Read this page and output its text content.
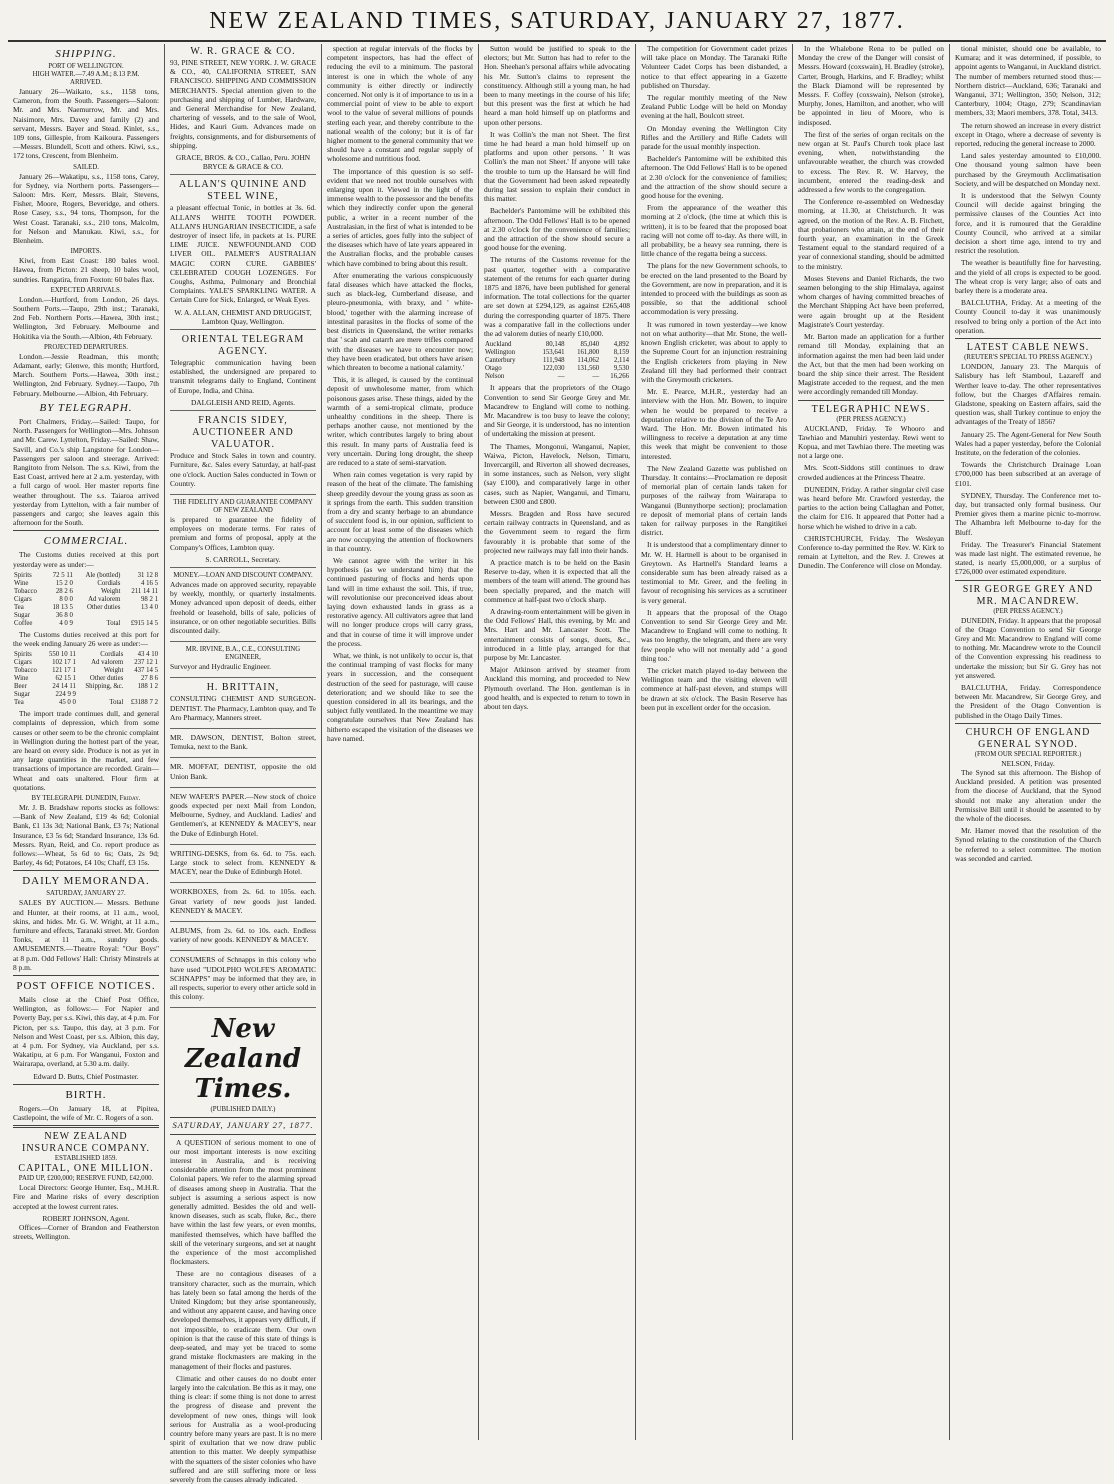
NEW ZEALAND TIMES, SATURDAY, JANUARY 27, 1877.
SHIPPING.
PORT OF WELLINGTON.
HIGH WATER.—7.49 A.M.; 8.13 P.M.
ARRIVED.

January 26—Waikato, s.s., 1158 tons, Cameron, from the South. Passengers—Saloon: Mr. and Mrs. Naemurrow, Mr. and Mrs. Naisimore, Mrs. Davey and family (2) and servant, Messrs. Bayer and Stead. Kinlet, s.s., 109 tons, Gillespie, from Kaikoura. Passengers—Messrs. Blundell, Scott and others. Kiwi, s.s., 172 tons, Crescent, from Blenheim.

SAILED.

January 26—Wakatipu, s.s., 1158 tons, Carey, for Sydney, via Northern ports. Passengers—Saloon: Mrs. Kerr, Messrs. Blair, Stevens, Fisher, Moore, Rogers, Beveridge, and others. Rose Casey, s.s., 94 tons, Thompson, for the West Coast. Taranaki, s.s., 210 tons, Malcolm, for Nelson and Manukau. Kiwi, s.s., for Blenheim.

IMPORTS.

Kiwi, from East Coast: 180 bales wool. Hawea, from Picton: 21 sheep, 10 bales wool, sundries. Rangatira, from Foxton: 60 bales flax.

EXPECTED ARRIVALS.

London.—Hurtford, from London, 26 days. Southern Ports.—Taupo, 29th inst.; Taranaki, 2nd Feb. Northern Ports.—Hawea, 30th inst.; Wellington, 3rd February. Melbourne and Hokitika via the South.—Albion, 4th February.

PROJECTED DEPARTURES.

London.—Jessie Readman, this month; Adamant, early; Glenwe, this month; Hurtford, March. Southern Ports.—Hawea, 30th inst.; Wellington, 2nd February. Sydney.—Taupo, 7th February. Melbourne.—Albion, 4th February.

BY TELEGRAPH.

Port Chalmers, Friday.—Sailed: Taupo, for North. Passengers for Wellington—Mrs. Johnson and Mr. Carew. Lyttelton, Friday.—Sailed: Shaw, Savill, and Co.'s ship Langstone for London—Passengers per saloon and steerage. Arrived: Rangitoto from Nelson. The s.s. Kiwi, from the East Coast, arrived here at 2 a.m. yesterday, with a full cargo of wool. Her master reports fine weather throughout. The s.s. Taiaroa arrived yesterday from Lyttelton, with a fair number of passengers and cargo; she leaves again this afternoon for the South.

COMMERCIAL.

The Customs duties received at this port yesterday were as under:—

Spirits	72 5 11	Ale (bottled)	31 12 8
Wine	15 2 0	Cordials	4 16 5
Tobacco	28 2 6	Weight	211 14 11
Cigars	8 0 0	Ad valorem	98 2 1
Tea	18 13 5	Other duties	13 4 0
Sugar	36 8 0		
Coffee	4 0 9	Total	£915 14 5

The Customs duties received at this port for the week ending January 26 were as under:—

Spirits	550 10 11	Cordials	43 4 10
Cigars	102 17 1	Ad valorem	237 12 1
Tobacco	121 17 1	Weight	437 14 5
Wine	62 15 1	Other duties	27 8 6
Beer	24 14 11	Shipping, &c.	188 1 2
Sugar	224 9 9		
Tea	45 0 0	Total	£3188 7 2

The import trade continues dull, and general complaints of depression, which from some causes or other seem to be the chronic complaint in Wellington during the hottest part of the year, are heard on every side. Produce is not as yet in any large quantities in the market, and few transactions of importance are recorded. Grain—Wheat and oats unaltered. Flour firm at quotations.

BY TELEGRAPH. DUNEDIN, Friday.

Mr. J. B. Bradshaw reports stocks as follows:—Bank of New Zealand, £19 4s 6d; Colonial Bank, £1 13s 3d; National Bank, £3 7s; National Insurance, £3 5s 6d; Standard Insurance, 13s 6d. Messrs. Ryan, Reid, and Co. report produce as follows:—Wheat, 5s 6d to 6s; Oats, 2s 9d; Barley, 4s 6d; Potatoes, £4 10s; Chaff, £3 15s.

DAILY MEMORANDA.
SATURDAY, JANUARY 27.

SALES BY AUCTION.— Messrs. Bethune and Hunter, at their rooms, at 11 a.m., wool, skins, and hides. Mr. G. W. Wright, at 11 a.m., furniture and effects, Taranaki street. Mr. Gordon Tonks, at 11 a.m., sundry goods. AMUSEMENTS.—Theatre Royal: "Our Boys" at 8 p.m. Odd Fellows' Hall: Christy Minstrels at 8 p.m.

POST OFFICE NOTICES.

Mails close at the Chief Post Office, Wellington, as follows:— For Napier and Poverty Bay, per s.s. Kiwi, this day, at 4 p.m. For Picton, per s.s. Taupo, this day, at 3 p.m. For Nelson and West Coast, per s.s. Albion, this day, at 4 p.m. For Sydney, via Auckland, per s.s. Wakatipu, at 6 p.m. For Wanganui, Foxton and Wairarapa, overland, at 5.30 a.m. daily.

Edward D. Butts, Chief Postmaster.
BIRTH.

Rogers.—On January 18, at Pipitea, Castlepoint, the wife of Mr. C. Rogers of a son.

NEW ZEALAND INSURANCE COMPANY.
ESTABLISHED 1859.
CAPITAL, ONE MILLION.
PAID UP, £200,000; RESERVE FUND, £42,000.

Local Directors: George Hunter, Esq., M.H.R. Fire and Marine risks of every description accepted at the lowest current rates.

ROBERT JOHNSON, Agent.

Offices—Corner of Brandon and Featherston streets, Wellington.

W. R. GRACE & CO.

93, PINE STREET, NEW YORK. J. W. GRACE & CO., 40, CALIFORNIA STREET, SAN FRANCISCO. SHIPPING AND COMMISSION MERCHANTS. Special attention given to the purchasing and shipping of Lumber, Hardware, and General Merchandise for New Zealand, chartering of vessels, and to the sale of Wool, Hides, and Kauri Gum. Advances made on freights, consignments, and for disbursements of shipping.

GRACE, BROS. & CO., Callao, Peru. JOHN BRYCE & GRACE & CO.
ALLAN'S QUININE AND STEEL WINE,

a pleasant effectual Tonic, in bottles at 3s. 6d. ALLAN'S WHITE TOOTH POWDER. ALLAN'S HUNGARIAN INSECTICIDE, a safe destroyer of insect life, in packets at 1s. PURE LIME JUICE. NEWFOUNDLAND COD LIVER OIL. PALMER'S AUSTRALIAN MAGIC CORN CURE. GABBIES' CELEBRATED COUGH LOZENGES. For Coughs, Asthma, Pulmonary and Bronchial Complaints. YALE'S SPARKLING WATER. A Certain Cure for Sick, Enlarged, or Weak Eyes.

W. A. ALLAN, CHEMIST AND DRUGGIST, Lambton Quay, Wellington.
ORIENTAL TELEGRAM AGENCY.

Telegraphic communication having been established, the undersigned are prepared to transmit telegrams daily to England, Continent of Europe, India, and China.

DALGLEISH AND REID, Agents.
FRANCIS SIDEY, AUCTIONEER AND VALUATOR.

Produce and Stock Sales in town and country. Furniture, &c. Sales every Saturday, at half-past one o'clock. Auction Sales conducted in Town or Country.

THE FIDELITY AND GUARANTEE COMPANY OF NEW ZEALAND

is prepared to guarantee the fidelity of employees on moderate terms. For rates of premium and forms of proposal, apply at the Company's Offices, Lambton quay.

S. CARROLL, Secretary.
MONEY.—LOAN AND DISCOUNT COMPANY.

Advances made on approved security, repayable by weekly, monthly, or quarterly instalments. Money advanced upon deposit of deeds, either freehold or leasehold, bills of sale, policies of insurance, or on other negotiable securities. Bills discounted daily.

MR. IRVINE, B.A., C.E., CONSULTING ENGINEER,

Surveyor and Hydraulic Engineer.

H. BRITTAIN,

CONSULTING CHEMIST AND SURGEON-DENTIST. The Pharmacy, Lambton quay, and Te Aro Pharmacy, Manners street.

MR. DAWSON, DENTIST, Bolton street, Temuka, next to the Bank.

MR. MOFFAT, DENTIST, opposite the old Union Bank.

NEW WAFER'S PAPER.—New stock of choice goods expected per next Mail from London, Melbourne, Sydney, and Auckland. Ladies' and Gentlemen's, at KENNEDY & MACEY'S, near the Duke of Edinburgh Hotel.

WRITING-DESKS, from 6s. 6d. to 75s. each. Large stock to select from. KENNEDY & MACEY, near the Duke of Edinburgh Hotel.

WORKBOXES, from 2s. 6d. to 105s. each. Great variety of new goods just landed. KENNEDY & MACEY.

ALBUMS, from 2s. 6d. to 10s. each. Endless variety of new goods. KENNEDY & MACEY.

CONSUMERS of Schnapps in this colony who have used "UDOLPHO WOLFE'S AROMATIC SCHNAPPS" may be informed that they are, in all respects, superior to every other article sold in this colony.

New Zealand Times.
(PUBLISHED DAILY.)
SATURDAY, JANUARY 27, 1877.

A QUESTION of serious moment to one of our most important interests is now exciting interest in Australia, and is receiving considerable attention from the most prominent Colonial papers. We refer to the alarming spread of diseases among sheep in Australia. That the subject is assuming a serious aspect is now generally admitted. Besides the old and well-known diseases, such as scab, fluke, &c., there have within the last few years, or even months, manifested themselves, which have baffled the skill of the veterinary surgeons, and set at naught the experience of the most accomplished flockmasters.

These are no contagious diseases of a transitory character, such as the murrain, which has lately been so fatal among the herds of the United Kingdom; but they arise spontaneously, and without any apparent cause, and having once developed themselves, it appears very difficult, if not impossible, to eradicate them. Our own opinion is that the cause of this state of things is deep-seated, and may yet be traced to some grand mistake flockmasters are making in the management of their flocks and pastures.

Climatic and other causes do no doubt enter largely into the calculation. Be this as it may, one thing is clear: if some thing is not done to arrest the progress of disease and prevent the development of new ones, things will look serious for Australia as a wool-producing country before many years are past. It is no mere spirit of exultation that we now draw public attention to this matter. We deeply sympathise with the squatters of the sister colonies who have suffered and are still suffering more or less severely from the causes already indicated.

spection at regular intervals of the flocks by competent inspectors, has had the effect of reducing the evil to a minimum. The pastoral interest is one in which the whole of any community is either directly or indirectly concerned. Not only is it of importance to us in a commercial point of view to be able to export wool to the value of several millions of pounds sterling each year, and thereby contribute to the national wealth of the colony; but it is of far higher moment to the general community that we should have a constant and regular supply of wholesome and nutritious food.

The importance of this question is so self-evident that we need not trouble ourselves with enlarging upon it. Viewed in the light of the immense wealth to the possessor and the benefits which they indirectly confer upon the general public, a writer in a recent number of the Australasian, in the first of what is intended to be a series of articles, goes fully into the subject of the diseases which have of late years appeared in the Australian flocks, and the probable causes which have combined to bring about this result.

After enumerating the various conspicuously fatal diseases which have attacked the flocks, such as black-leg, Cumberland disease, and pleuro-pneumonia, with braxy, and ' white-blood,' together with the alarming increase of intestinal parasites in the flocks of some of the best districts in Queensland, the writer remarks that ' scab and catarrh are mere trifles compared with the diseases we have to encounter now; they have been eradicated, but others have arisen which threaten to become a national calamity.'

This, it is alleged, is caused by the continual deposit of unwholesome matter, from which poisonous gases arise. These things, aided by the warmth of a semi-tropical climate, produce unhealthy conditions in the sheep. There is perhaps another cause, not mentioned by the writer, which contributes largely to bring about this result. In many parts of Australia feed is very uncertain. During long drought, the sheep are reduced to a state of semi-starvation.

When rain comes vegetation is very rapid by reason of the heat of the climate. The famishing sheep greedily devour the young grass as soon as it springs from the earth. This sudden transition from a dry and scanty herbage to an abundance of succulent food is, in our opinion, sufficient to account for at least some of the diseases which are now occupying the attention of flockowners in that country.

We cannot agree with the writer in his hypothesis (as we understand him) that the continued pasturing of flocks and herds upon land will in time exhaust the soil. This, if true, will revolutionise our preconceived ideas about laying down exhausted lands in grass as a restorative agency. All cultivators agree that land will no longer produce crops will carry grass, and that in course of time it will improve under the process.

What, we think, is not unlikely to occur is, that the continual tramping of vast flocks for many years in succession, and the consequent destruction of the seed for pasturage, will cause deterioration; and we should like to see the question considered in all its bearings, and the subject fully ventilated. In the meantime we may congratulate ourselves that New Zealand has hitherto escaped the visitation of the diseases we have named.

Sutton would be justified to speak to the electors; but Mr. Sutton has had to refer to the Hon. Sheehan's personal affairs while advocating his Mr. Sutton's claims to represent the constituency. Although still a young man, he had been to many meetings in the course of his life; but this present was the first at which he had heard a man hold himself up on platforms and upon other persons.

It was Collin's the man not Sheet. The first time he had heard a man hold himself up on platforms and upon other persons. ' It was Collin's the man not Sheet.' If anyone will take the trouble to turn up the Hansard he will find that the Government had been asked repeatedly during last session to explain their conduct in this matter.

Bachelder's Pantomime will be exhibited this afternoon. The Odd Fellows' Hall is to be opened at 2.30 o'clock for the convenience of families; and the attraction of the show should secure a good house for the evening.

The returns of the Customs revenue for the past quarter, together with a comparative statement of the returns for each quarter during 1875 and 1876, have been published for general information. The total collections for the quarter are set down at £294,129, as against £265,408 during the corresponding quarter of 1875. There was a comparative fall in the collections under the ad valorem duties of nearly £10,000.

Auckland	80,148	85,040	4,892
Wellington	153,641	161,800	8,159
Canterbury	111,948	114,062	2,114
Otago	122,030	131,560	9,530
Nelson	—	—	16,266

It appears that the proprietors of the Otago Convention to send Sir George Grey and Mr. Macandrew to England will come to nothing. Mr. Macandrew is too busy to leave the colony; and Sir George, it is understood, has no intention of undertaking the mission at present.

The Thames, Mongonui, Wanganui, Napier, Waiwa, Picton, Havelock, Nelson, Timaru, Invercargill, and Riverton all showed decreases, in some instances, such as Nelson, very slight (say £100), and comparatively large in other cases, such as Napier, Wanganui, and Timaru, between £300 and £800.

Messrs. Bragden and Ross have secured certain railway contracts in Queensland, and as the Government seem to regard the firm favourably it is probable that some of the projected new railways may fall into their hands.

A practice match is to be held on the Basin Reserve to-day, when it is expected that all the members of the team will attend. The ground has been specially prepared, and the match will commence at half-past two o'clock sharp.

A drawing-room entertainment will be given in the Odd Fellows' Hall, this evening, by Mr. and Mrs. Hart and Mr. Lancaster Scott. The entertainment consists of songs, duets, &c., introduced in a little play, arranged for that purpose by Mr. Lancaster.

Major Atkinson arrived by steamer from Auckland this morning, and proceeded to New Plymouth overland. The Hon. gentleman is in good health, and is expected to return to town in about ten days.

The competition for Government cadet prizes will take place on Monday. The Taranaki Rifle Volunteer Cadet Corps has been disbanded, a notice to that effect appearing in a Gazette published on Thursday.

The regular monthly meeting of the New Zealand Public Lodge will be held on Monday evening at the hall, Boulcott street.

On Monday evening the Wellington City Rifles and the Artillery and Rifle Cadets will parade for the usual monthly inspection.

Bachelder's Pantomime will be exhibited this afternoon. The Odd Fellows' Hall is to be opened at 2.30 o'clock for the convenience of families; and the attraction of the show should secure a good house for the evening.

From the appearance of the weather this morning at 2 o'clock, (the time at which this is written), it is to be feared that the proposed boat racing will not come off to-day. As there will, in all probability, be a heavy sea running, there is little chance of the regatta being a success.

The plans for the new Government schools, to be erected on the land presented to the Board by the Government, are now in preparation, and it is intended to proceed with the buildings as soon as possible, so that the additional school accommodation is very pressing.

It was rumored in town yesterday—we know not on what authority—that Mr. Stone, the well-known English cricketer, was about to apply to the Supreme Court for an injunction restraining the English cricketers from playing in New Zealand till they had performed their contract with the Greymouth cricketers.

Mr. E. Pearce, M.H.R., yesterday had an interview with the Hon. Mr. Bowen, to inquire when he would be prepared to receive a deputation relative to the division of the Te Aro Ward. The Hon. Mr. Bowen intimated his willingness to receive a deputation at any time this week that might be convenient to those interested.

The New Zealand Gazette was published on Thursday. It contains:—Proclamation re deposit of memorial plan of certain lands taken for purposes of the railway from Wairarapa to Wanganui (Bunnythorpe section); proclamation re deposit of memorial plans of certain lands taken for railway purposes in the Rangitikei district.

It is understood that a complimentary dinner to Mr. W. H. Hartnell is about to be organised in Greytown. As Hartnell's Standard learns a considerable sum has been already raised as a testimonial to Mr. Greer, and the feeling in favour of recognising his services as a scrutineer is very general.

It appears that the proposal of the Otago Convention to send Sir George Grey and Mr. Macandrew to England will come to nothing. It was too lengthy, the telegram, and there are very few people who will not mentally add ' a good thing too.'

The cricket match played to-day between the Wellington team and the visiting eleven will commence at half-past eleven, and stumps will be drawn at six o'clock. The Basin Reserve has been put in excellent order for the occasion.

In the Whalebone Rena to be pulled on Monday the crew of the Danger will consist of Messrs. Howard (coxswain), H. Bradley (stroke), Carter, Brough, Harkins, and F. Bradley; whilst the Black Diamond will be represented by Messrs. F. Coffey (coxswain), Nelson (stroke), Murphy, Jones, Hamilton, and another, who will be appointed in lieu of Moore, who is indisposed.

The first of the series of organ recitals on the new organ at St. Paul's Church took place last evening, when, notwithstanding the unfavourable weather, the church was crowded to excess. The Rev. R. W. Harvey, the incumbent, entered the reading-desk and addressed a few words to the congregation.

The Conference re-assembled on Wednesday morning, at 11.30, at Christchurch. It was agreed, on the motion of the Rev. A. B. Fitchett, that probationers who attain, at the end of their fourth year, an examination in the Greek Testament equal to the standard required of a year of connexional standing, should be admitted to the ministry.

Moses Stevens and Daniel Richards, the two seamen belonging to the ship Himalaya, against whom charges of having committed breaches of the Merchant Shipping Act have been preferred, were again brought up at the Resident Magistrate's Court yesterday.

Mr. Barton made an application for a further remand till Monday, explaining that an information against the men had been laid under the Act, but that the men had been working on board the ship since their arrest. The Resident Magistrate acceded to the request, and the men were accordingly remanded till Monday.

TELEGRAPHIC NEWS.
(PER PRESS AGENCY.)

AUCKLAND, Friday. Te Whooro and Tawhiao and Manuhiri yesterday. Rewi went to Kopua, and met Tawhiao there. The meeting was not a large one.

Mrs. Scott-Siddons still continues to draw crowded audiences at the Princess Theatre.

DUNEDIN, Friday. A rather singular civil case was heard before Mr. Crawford yesterday, the parties to the action being Callaghan and Potter, the claim for £16. It appeared that Potter had a horse which he wished to drive in a cab.

CHRISTCHURCH, Friday. The Wesleyan Conference to-day permitted the Rev. W. Kirk to remain at Lyttelton, and the Rev. J. Crewes at Dunedin. The Conference will close on Monday.

tional minister, should one be available, to Kumara; and it was determined, if possible, to appoint agents to Wanganui, in Auckland district. The number of members returned stood thus:—Northern district—Auckland, 636; Taranaki and Wanganui, 371; Wellington, 350; Nelson, 312; Canterbury, 1004; Otago, 279; Scandinavian members, 33; Maori members, 378. Total, 3413.

The return showed an increase in every district except in Otago, where a decrease of seventy is reported, reducing the general increase to 2000.

Land sales yesterday amounted to £10,000. One thousand young salmon have been purchased by the Greymouth Acclimatisation Society, and will be despatched on Monday next.

It is understood that the Selwyn County Council will decide against bringing the permissive clauses of the Counties Act into force, and it is rumoured that the Geraldine County Council, who arrived at a similar decision a short time ago, intend to try and restrict the resolution.

The weather is beautifully fine for harvesting, and the yield of all crops is expected to be good. The wheat crop is very large; also of oats and barley there is a moderate area.

BALCLUTHA, Friday. At a meeting of the County Council to-day it was unanimously resolved to bring only a portion of the Act into operation.

LATEST CABLE NEWS.
(REUTER'S SPECIAL TO PRESS AGENCY.)

LONDON, January 23. The Marquis of Salisbury has left Stamboul, Lazareff and Werther leave to-day. The other representatives follow, but the Charges d'Affaires remain. Gladstone, speaking on Eastern affairs, said the question was, shall Turkey continue to enjoy the advantages of the Treaty of 1856?

January 25. The Agent-General for New South Wales had a paper yesterday, before the Colonial Institute, on the federation of the colonies.

Towards the Christchurch Drainage Loan £700,000 has been subscribed at an average of £101.

SYDNEY, Thursday. The Conference met to-day, but transacted only formal business. Our Premier gives them a marine picnic to-morrow. The Alhambra left Melbourne to-day for the Bluff.

Friday. The Treasurer's Financial Statement was made last night. The estimated revenue, he stated, is nearly £5,000,000, or a surplus of £726,000 over estimated expenditure.

SIR GEORGE GREY AND MR. MACANDREW.
(PER PRESS AGENCY.)

DUNEDIN, Friday. It appears that the proposal of the Otago Convention to send Sir George Grey and Mr. Macandrew to England will come to nothing. Mr. Macandrew wrote to the Council of the Convention expressing his readiness to undertake the mission; but Sir G. Grey has not yet answered.

BALCLUTHA, Friday. Correspondence between Mr. Macandrew, Sir George Grey, and the President of the Otago Convention is published in the Otago Daily Times.

CHURCH OF ENGLAND GENERAL SYNOD.
(FROM OUR SPECIAL REPORTER.)
NELSON, Friday.

The Synod sat this afternoon. The Bishop of Auckland presided. A petition was presented from the diocese of Auckland, that the Synod should not make any alteration under the Permissive Bill until it should be assented to by the whole of the dioceses.

Mr. Hamer moved that the resolution of the Synod relating to the constitution of the Church be referred to a select committee. The motion was seconded and carried.
